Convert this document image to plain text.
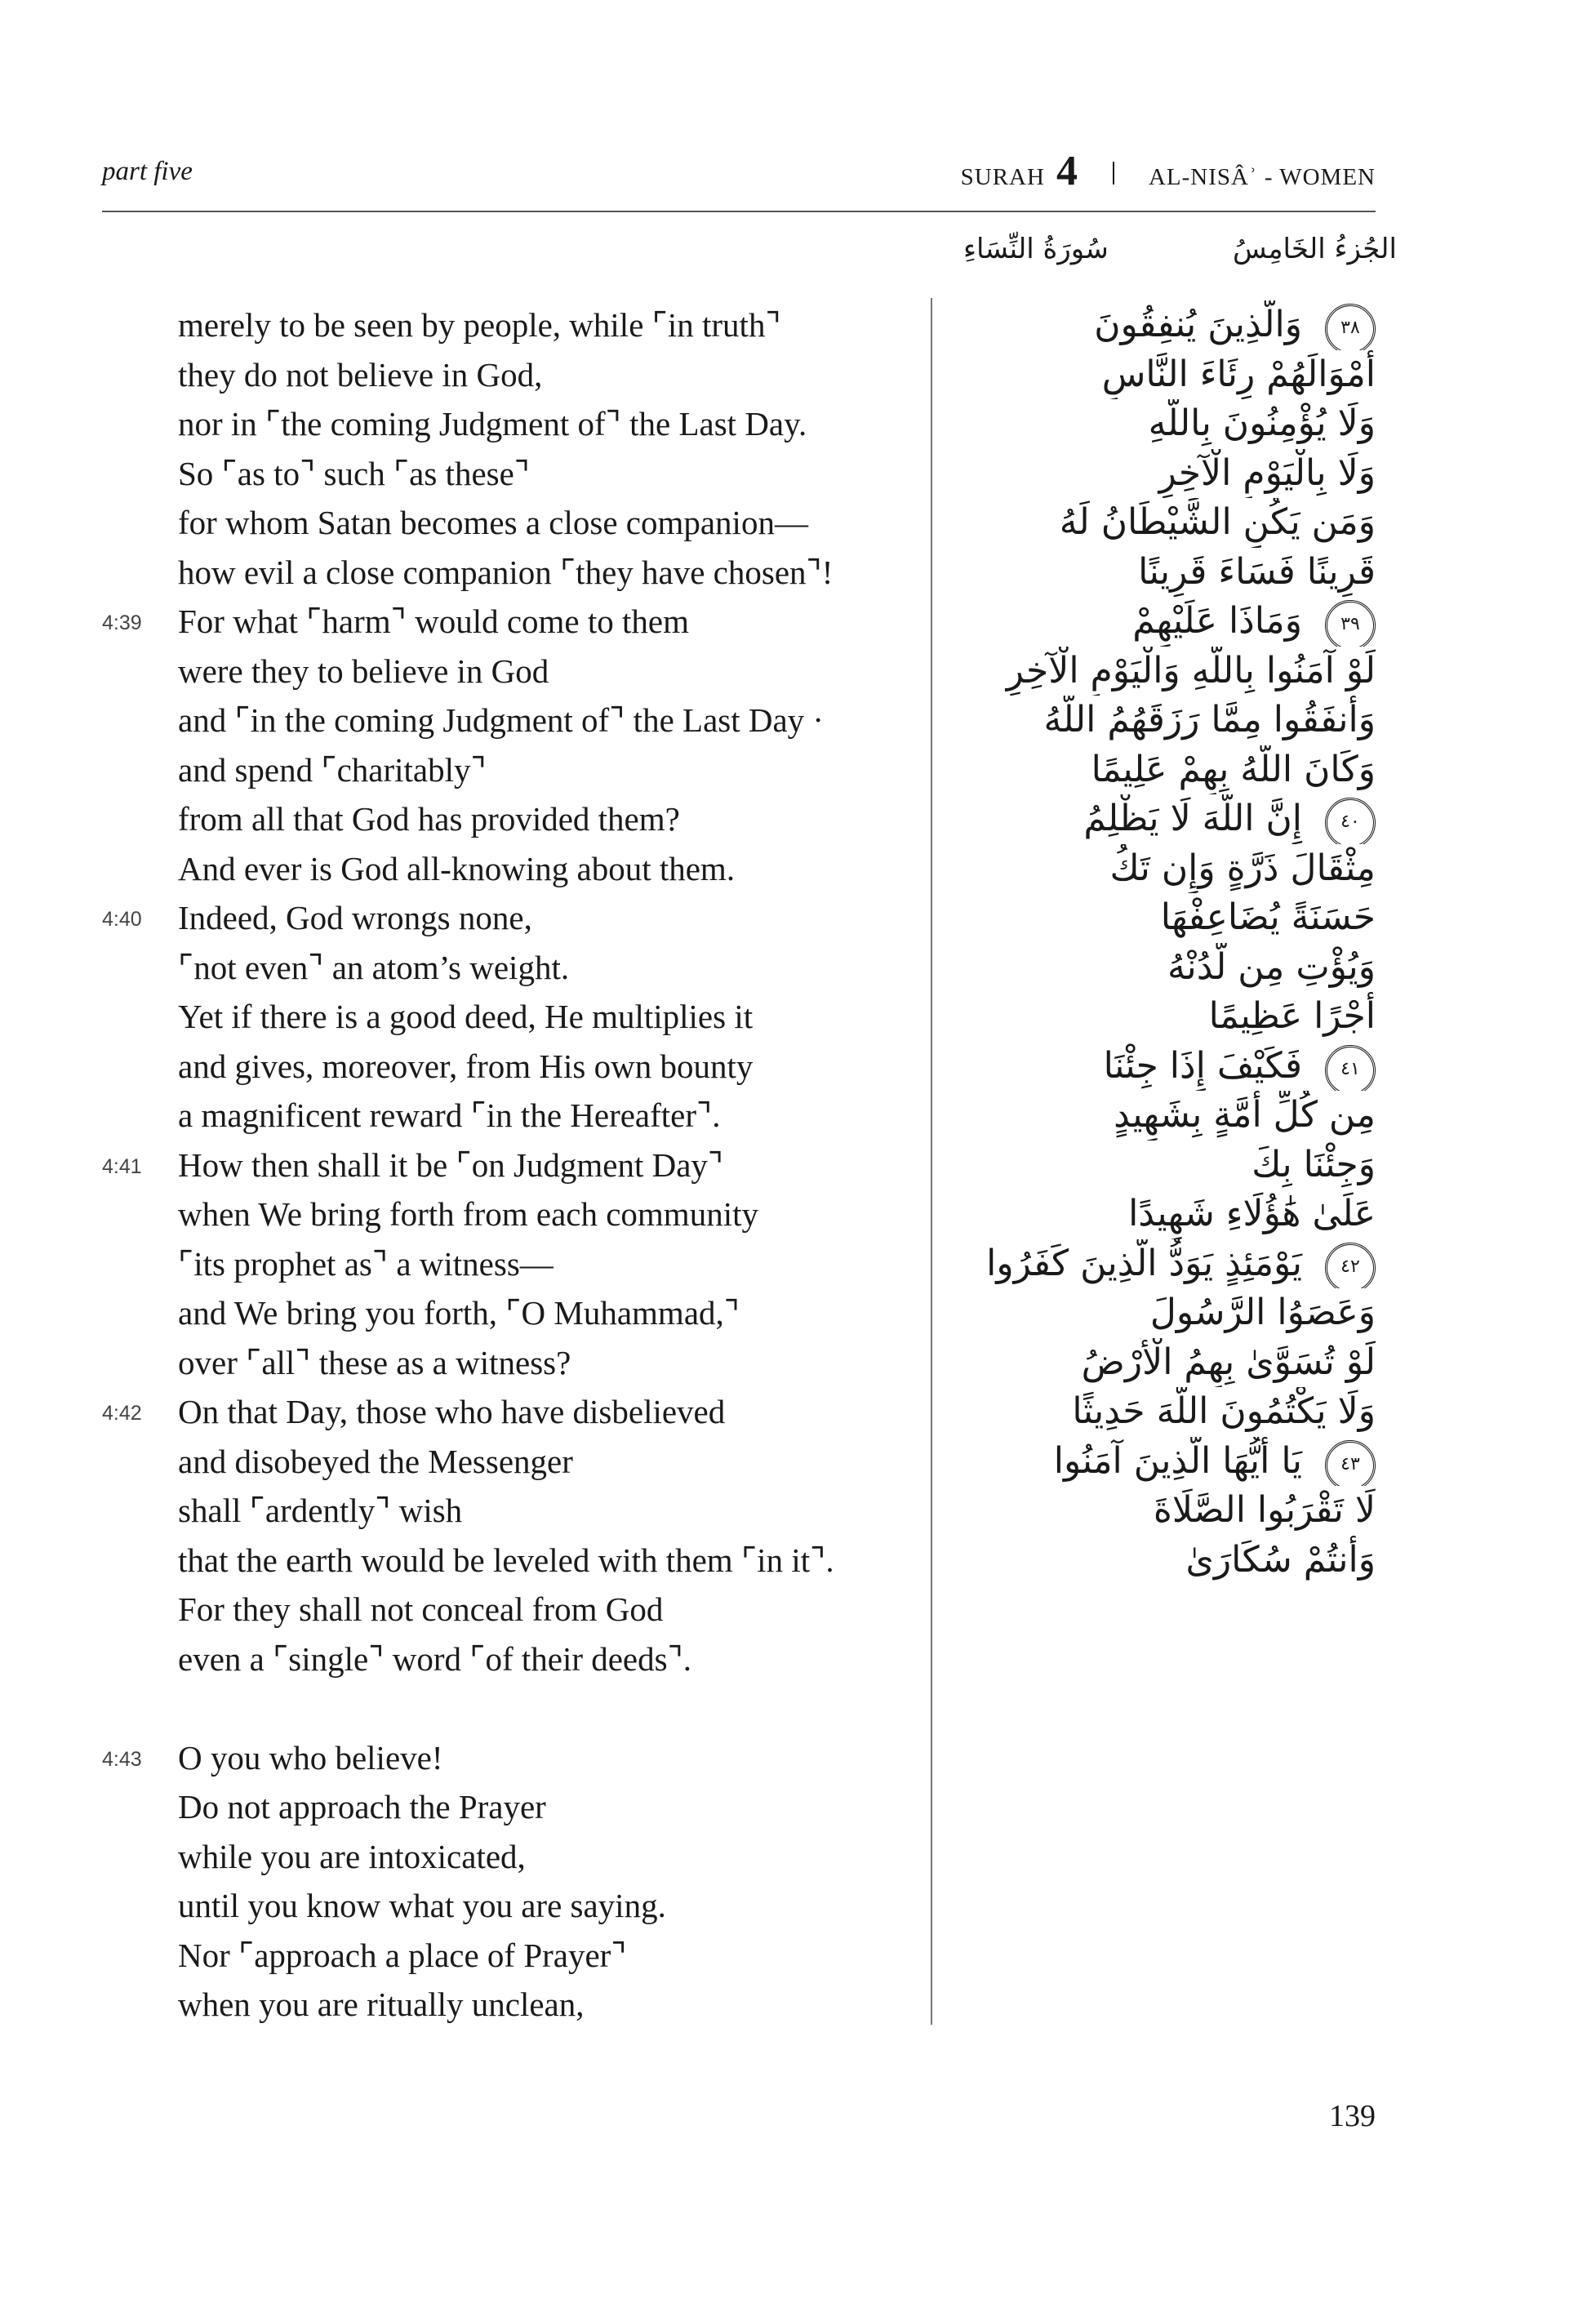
part five	SURAH 4	AL-NISÂʾ - WOMEN
سُورَةُ النِّسَاءِ	الجُزءُ الخَامِسُ
merely to be seen by people, while ⌜in truth⌝
they do not believe in God,
nor in ⌜the coming Judgment of⌝ the Last Day.
So ⌜as to⌝ such ⌜as these⌝
for whom Satan becomes a close companion—
how evil a close companion ⌜they have chosen⌝!
4:39 For what ⌜harm⌝ would come to them
were they to believe in God
and ⌜in the coming Judgment of⌝ the Last Day ·
and spend ⌜charitably⌝
from all that God has provided them?
And ever is God all-knowing about them.
4:40 Indeed, God wrongs none,
⌜not even⌝ an atom’s weight.
Yet if there is a good deed, He multiplies it
and gives, moreover, from His own bounty
a magnificent reward ⌜in the Hereafter⌝.
4:41 How then shall it be ⌜on Judgment Day⌝
when We bring forth from each community
⌜its prophet as⌝ a witness—
and We bring you forth, ⌜O Muhammad,⌝
over ⌜all⌝ these as a witness?
4:42 On that Day, those who have disbelieved
and disobeyed the Messenger
shall ⌜ardently⌝ wish
that the earth would be leveled with them ⌜in it⌝.
For they shall not conceal from God
even a ⌜single⌝ word ⌜of their deeds⌝.
4:43 O you who believe!
Do not approach the Prayer
while you are intoxicated,
until you know what you are saying.
Nor ⌜approach a place of Prayer⌝
when you are ritually unclean,
٣٨
وَالَّذِينَ يُنفِقُونَ
أَمْوَالَهُمْ رِئَاءَ النَّاسِ
وَلَا يُؤْمِنُونَ بِاللَّهِ
وَلَا بِالْيَوْمِ الْآخِرِ
وَمَن يَكُنِ الشَّيْطَانُ لَهُ
قَرِينًا فَسَاءَ قَرِينًا
٣٩
وَمَاذَا عَلَيْهِمْ
لَوْ آمَنُوا بِاللَّهِ وَالْيَوْمِ الْآخِرِ
وَأَنفَقُوا مِمَّا رَزَقَهُمُ اللَّهُ
وَكَانَ اللَّهُ بِهِمْ عَلِيمًا
٤٠
إِنَّ اللَّهَ لَا يَظْلِمُ
مِثْقَالَ ذَرَّةٍ وَإِن تَكُ
حَسَنَةً يُضَاعِفْهَا
وَيُؤْتِ مِن لَّدُنْهُ
أَجْرًا عَظِيمًا
٤١
فَكَيْفَ إِذَا جِئْنَا
مِن كُلِّ أُمَّةٍ بِشَهِيدٍ
وَجِئْنَا بِكَ
عَلَىٰ هَٰؤُلَاءِ شَهِيدًا
٤٢
يَوْمَئِذٍ يَوَدُّ الَّذِينَ كَفَرُوا
وَعَصَوُا الرَّسُولَ
لَوْ تُسَوَّىٰ بِهِمُ الْأَرْضُ
وَلَا يَكْتُمُونَ اللَّهَ حَدِيثًا
٤٣
يَا أَيُّهَا الَّذِينَ آمَنُوا
لَا تَقْرَبُوا الصَّلَاةَ
وَأَنتُمْ سُكَارَىٰ
139
